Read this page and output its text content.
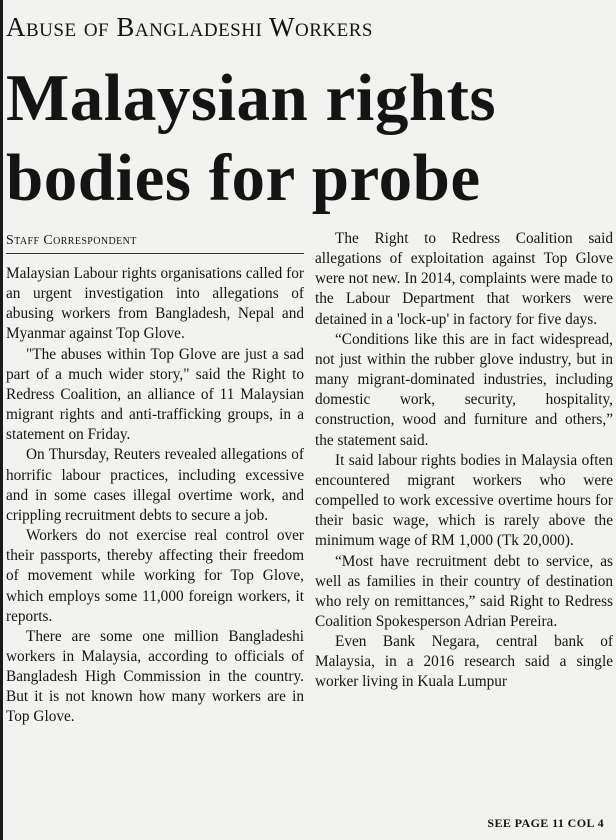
Abuse of Bangladeshi Workers
Malaysian rights bodies for probe
Staff Correspondent

Malaysian Labour rights organisations called for an urgent investigation into allegations of abusing workers from Bangladesh, Nepal and Myanmar against Top Glove.

"The abuses within Top Glove are just a sad part of a much wider story," said the Right to Redress Coalition, an alliance of 11 Malaysian migrant rights and anti-trafficking groups, in a statement on Friday.

On Thursday, Reuters revealed allegations of horrific labour practices, including excessive and in some cases illegal overtime work, and crippling recruitment debts to secure a job.

Workers do not exercise real control over their passports, thereby affecting their freedom of movement while working for Top Glove, which employs some 11,000 foreign workers, it reports.

There are some one million Bangladeshi workers in Malaysia, according to officials of Bangladesh High Commission in the country. But it is not known how many workers are in Top Glove.

The Right to Redress Coalition said allegations of exploitation against Top Glove were not new. In 2014, complaints were made to the Labour Department that workers were detained in a 'lock-up' in factory for five days.

“Conditions like this are in fact widespread, not just within the rubber glove industry, but in many migrant-dominated industries, including domestic work, security, hospitality, construction, wood and furniture and others,” the statement said.

It said labour rights bodies in Malaysia often encountered migrant workers who were compelled to work excessive overtime hours for their basic wage, which is rarely above the minimum wage of RM 1,000 (Tk 20,000).

“Most have recruitment debt to service, as well as families in their country of destination who rely on remittances,” said Right to Redress Coalition Spokesperson Adrian Pereira.

Even Bank Negara, central bank of Malaysia, in a 2016 research said a single worker living in Kuala Lumpur

SEE PAGE 11 COL 4
